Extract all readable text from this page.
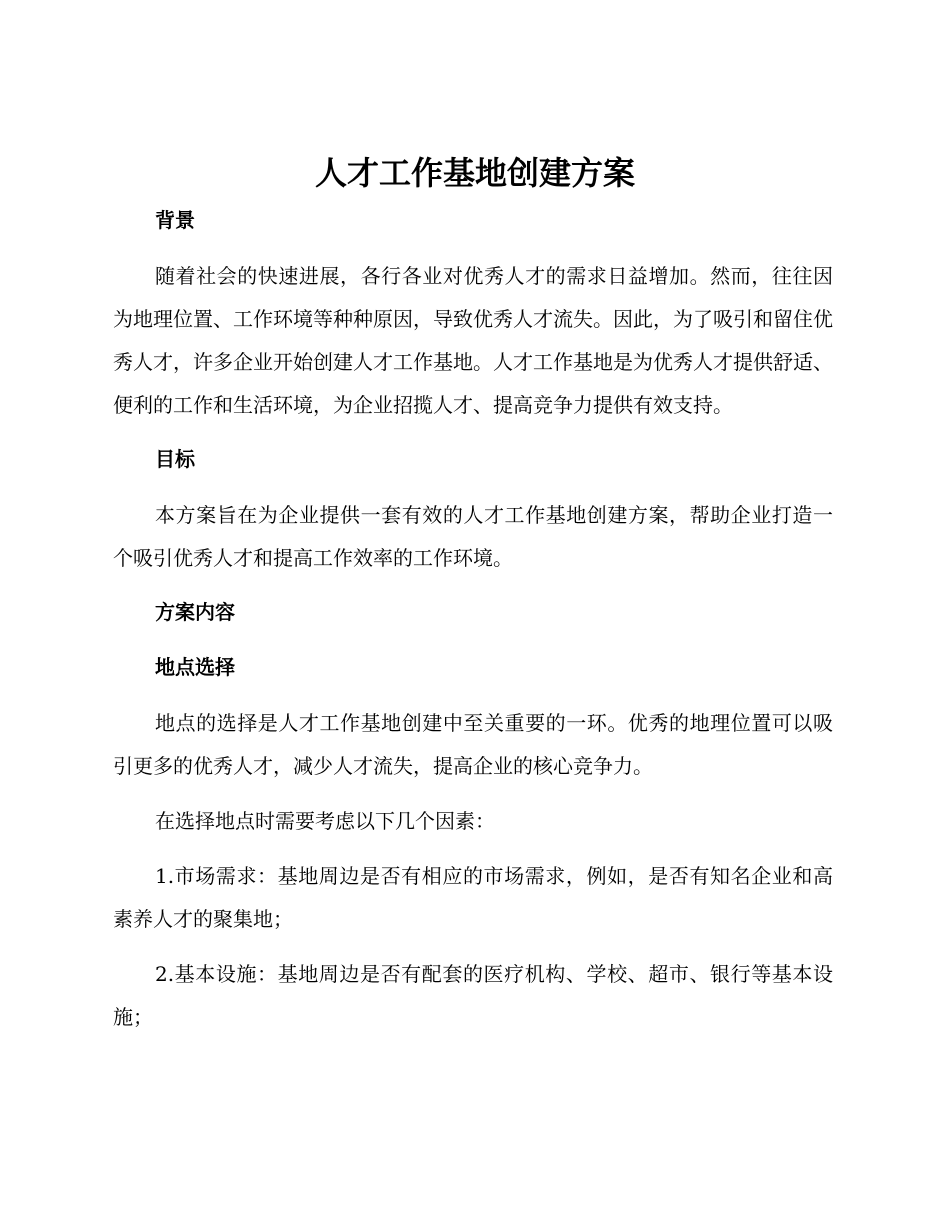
人才工作基地创建方案
背景

随着社会的快速进展，各行各业对优秀人才的需求日益增加。然而，往往因为地理位置、工作环境等种种原因，导致优秀人才流失。因此，为了吸引和留住优秀人才，许多企业开始创建人才工作基地。人才工作基地是为优秀人才提供舒适、便利的工作和生活环境，为企业招揽人才、提高竞争力提供有效支持。

目标

本方案旨在为企业提供一套有效的人才工作基地创建方案，帮助企业打造一个吸引优秀人才和提高工作效率的工作环境。

方案内容
地点选择

地点的选择是人才工作基地创建中至关重要的一环。优秀的地理位置可以吸引更多的优秀人才，减少人才流失，提高企业的核心竞争力。

在选择地点时需要考虑以下几个因素：

1.市场需求：基地周边是否有相应的市场需求，例如，是否有知名企业和高素养人才的聚集地；

2.基本设施：基地周边是否有配套的医疗机构、学校、超市、银行等基本设施；
